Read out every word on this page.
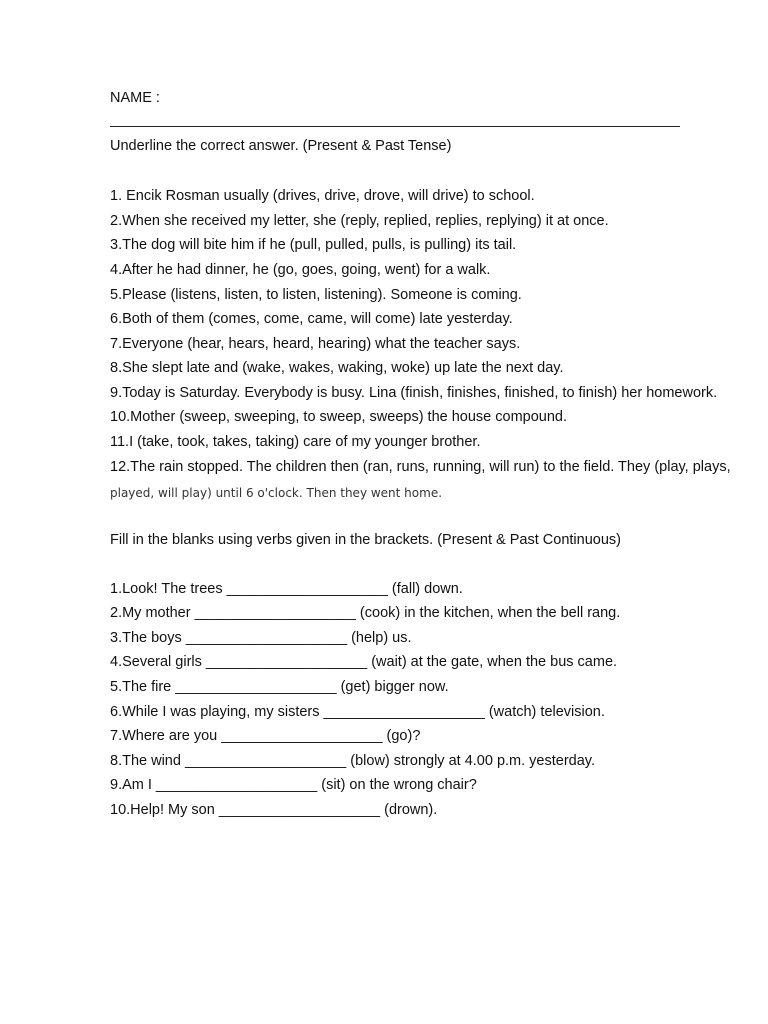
NAME :
Underline the correct answer. (Present & Past Tense)
1. Encik Rosman usually (drives, drive, drove, will drive) to school.
2.When she received my letter, she (reply, replied, replies, replying) it at once.
3.The dog will bite him if he (pull, pulled, pulls, is pulling) its tail.
4.After he had dinner, he (go, goes, going, went) for a walk.
5.Please (listens, listen, to listen, listening). Someone is coming.
6.Both of them (comes, come, came, will come) late yesterday.
7.Everyone (hear, hears, heard, hearing) what the teacher says.
8.She slept late and (wake, wakes, waking, woke) up late the next day.
9.Today is Saturday. Everybody is busy. Lina (finish, finishes, finished, to finish) her homework.
10.Mother (sweep, sweeping, to sweep, sweeps) the house compound.
11.I (take, took, takes, taking) care of my younger brother.
12.The rain stopped. The children then (ran, runs, running, will run) to the field. They (play, plays,
played, will play) until 6 o'clock. Then they went home.
Fill in the blanks using verbs given in the brackets. (Present & Past Continuous)
1.Look! The trees ____________________ (fall) down.
2.My mother ____________________ (cook) in the kitchen, when the bell rang.
3.The boys ____________________ (help) us.
4.Several girls ____________________ (wait) at the gate, when the bus came.
5.The fire ____________________ (get) bigger now.
6.While I was playing, my sisters ____________________ (watch) television.
7.Where are you ____________________ (go)?
8.The wind ____________________ (blow) strongly at 4.00 p.m. yesterday.
9.Am I ____________________ (sit) on the wrong chair?
10.Help! My son ____________________ (drown).
